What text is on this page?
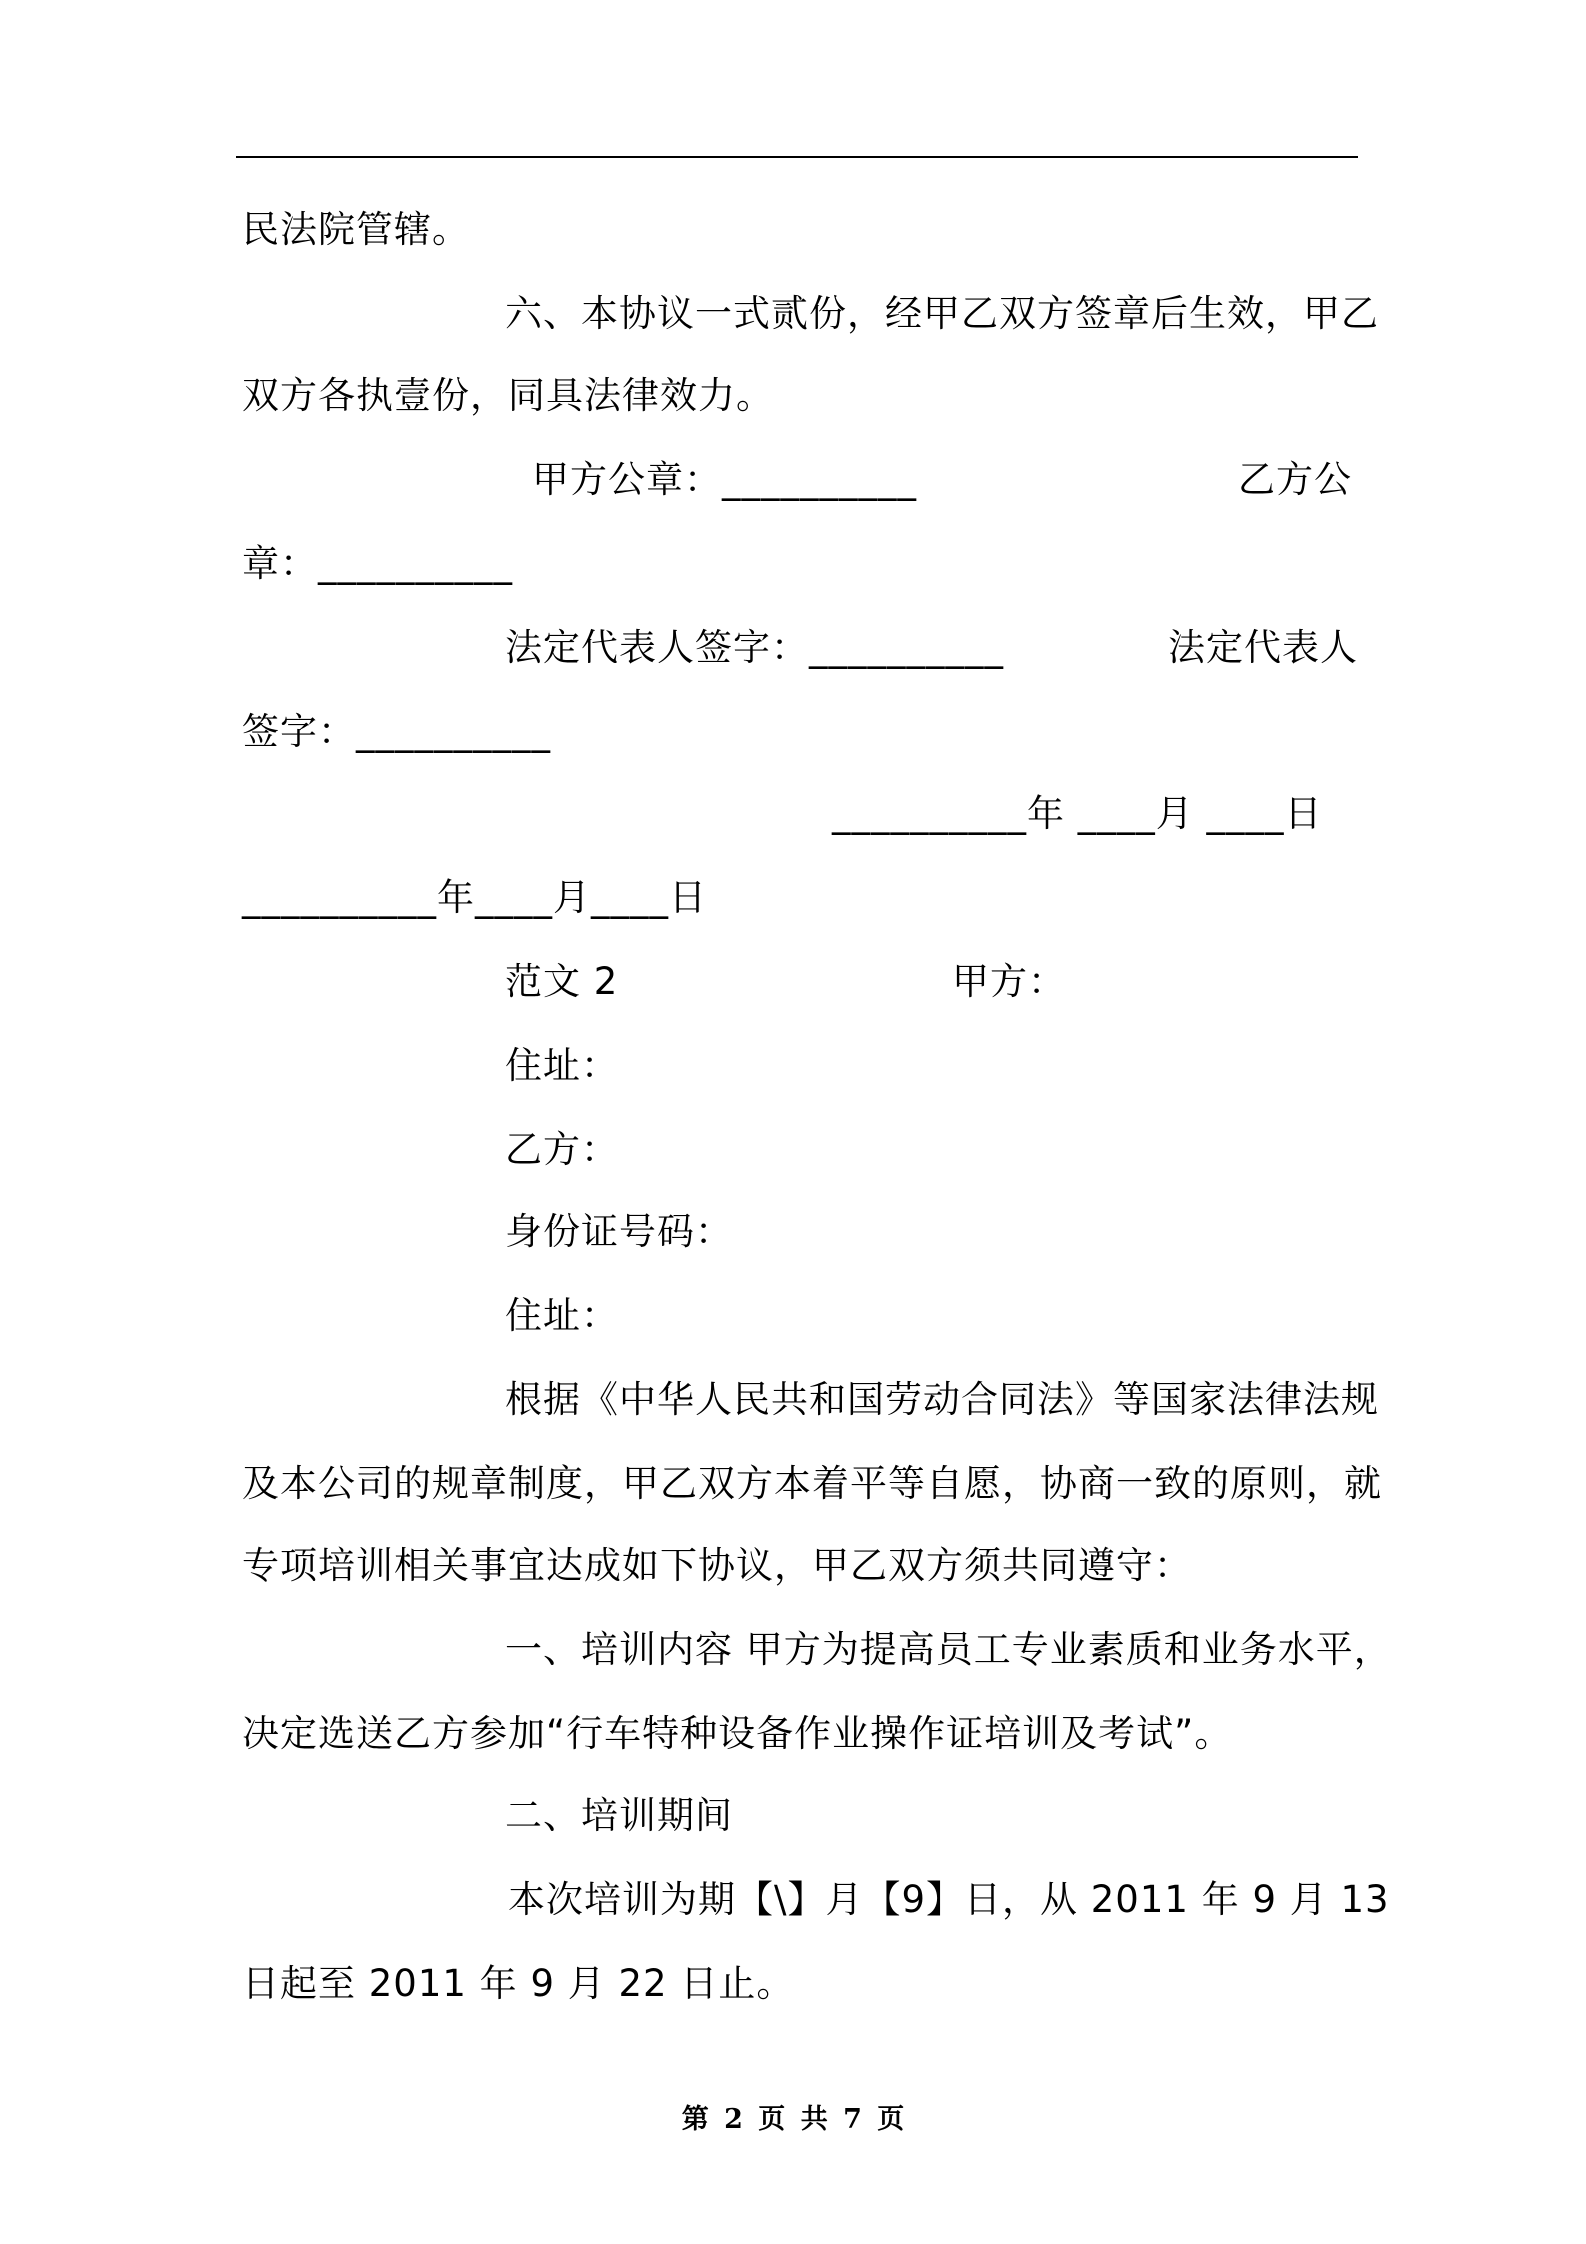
民法院管辖。
六、本协议一式贰份，经甲乙双方签章后生效，甲乙
双方各执壹份，同具法律效力。
甲方公章：__________	乙方公
章：__________
法定代表人签字：__________	法定代表人
签字：__________
__________年 ____月 ____日
__________年____月____日
范文 2	甲方：
住址：
乙方：
身份证号码：
住址：
根据《中华人民共和国劳动合同法》等国家法律法规
及本公司的规章制度，甲乙双方本着平等自愿，协商一致的原则，就
专项培训相关事宜达成如下协议，甲乙双方须共同遵守：
一、培训内容 甲方为提高员工专业素质和业务水平，
决定选送乙方参加“行车特种设备作业操作证培训及考试”。
二、培训期间
本次培训为期【\】月【9】日，从 2011 年 9 月 13
日起至 2011 年 9 月 22 日止。
第 2 页 共 7 页
